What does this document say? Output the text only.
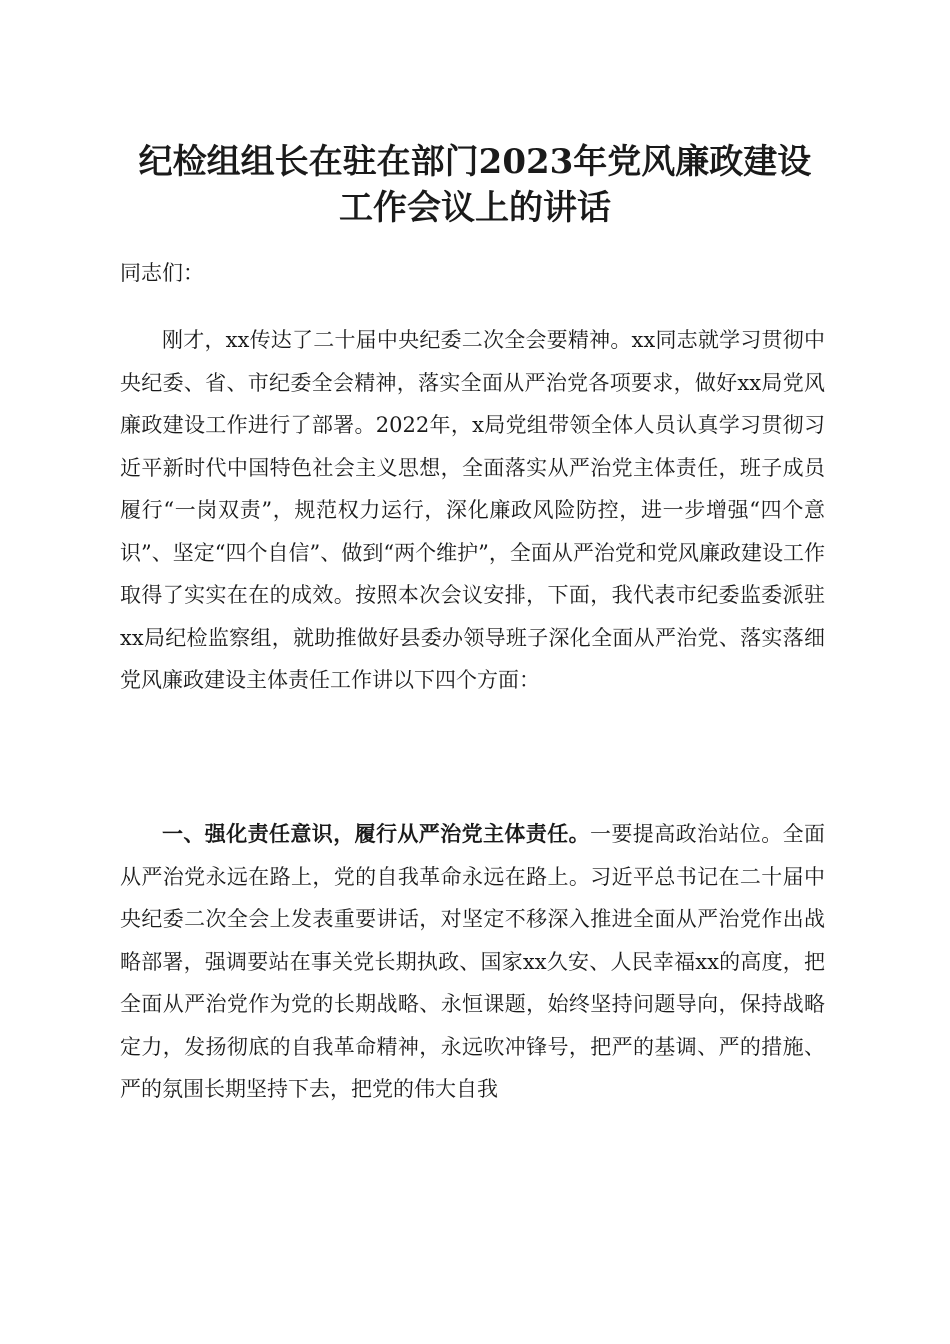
纪检组组长在驻在部门2023年党风廉政建设
工作会议上的讲话
同志们：
刚才，xx传达了二十届中央纪委二次全会要精神。xx同志就学习贯彻中央纪委、省、市纪委全会精神，落实全面从严治党各项要求，做好xx局党风廉政建设工作进行了部署。2022年，x局党组带领全体人员认真学习贯彻习近平新时代中国特色社会主义思想，全面落实从严治党主体责任，班子成员履行“一岗双责”，规范权力运行，深化廉政风险防控，进一步增强“四个意识”、坚定“四个自信”、做到“两个维护”，全面从严治党和党风廉政建设工作取得了实实在在的成效。按照本次会议安排，下面，我代表市纪委监委派驻xx局纪检监察组，就助推做好县委办领导班子深化全面从严治党、落实落细党风廉政建设主体责任工作讲以下四个方面：
一、强化责任意识，履行从严治党主体责任。一要提高政治站位。全面从严治党永远在路上，党的自我革命永远在路上。习近平总书记在二十届中央纪委二次全会上发表重要讲话，对坚定不移深入推进全面从严治党作出战略部署，强调要站在事关党长期执政、国家xx久安、人民幸福xx的高度，把全面从严治党作为党的长期战略、永恒课题，始终坚持问题导向，保持战略定力，发扬彻底的自我革命精神，永远吹冲锋号，把严的基调、严的措施、严的氛围长期坚持下去，把党的伟大自我
